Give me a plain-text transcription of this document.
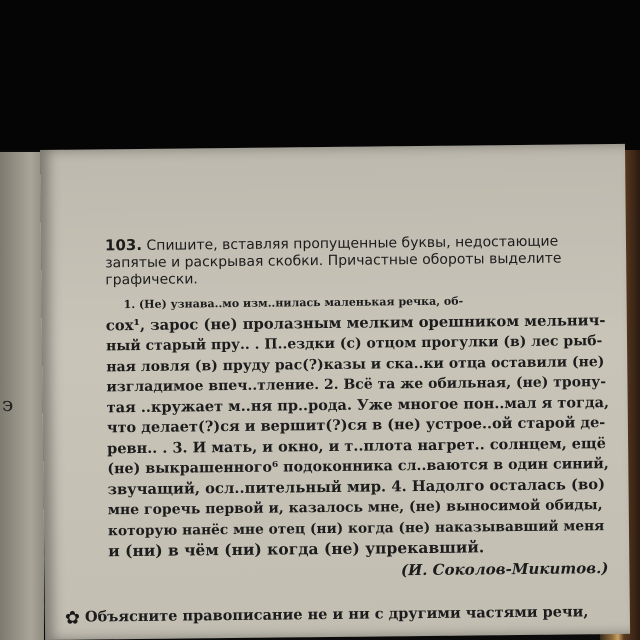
э
103. Спишите, вставляя пропущенные буквы, недостающие запятые и раскрывая скобки. Причастные обороты выделите графически.
1. (Не) узнава..мо изм..нилась маленькая речка, об-
сох¹, зарос (не) пролазным мелким орешником мельнич-
ный старый пру.. . П..ездки (с) отцом прогулки (в) лес рыб-
ная ловля (в) пруду рас(?)казы и ска..ки отца оставили (не)
изгладимое впеч..тление. 2. Всё та же обильная, (не) трону-
тая ..кружает м..ня пр..рода. Уже многое пон..мал я тогда,
что делает(?)ся и вершит(?)ся в (не) устрое..ой старой де-
ревн.. . 3. И мать, и окно, и т..плота нагрет.. солнцем, ещё
(не) выкрашенного⁶ подоконника сл..ваются в один синий,
звучащий, осл..пительный мир. 4. Надолго осталась (во)
мне горечь первой и, казалось мне, (не) выносимой обиды,
которую нанёс мне отец (ни) когда (не) наказывавший меня
и (ни) в чём (ни) когда (не) упрекавший.
(И. Соколов-Микитов.)
✿ Объясните правописание не и ни с другими частями речи,
